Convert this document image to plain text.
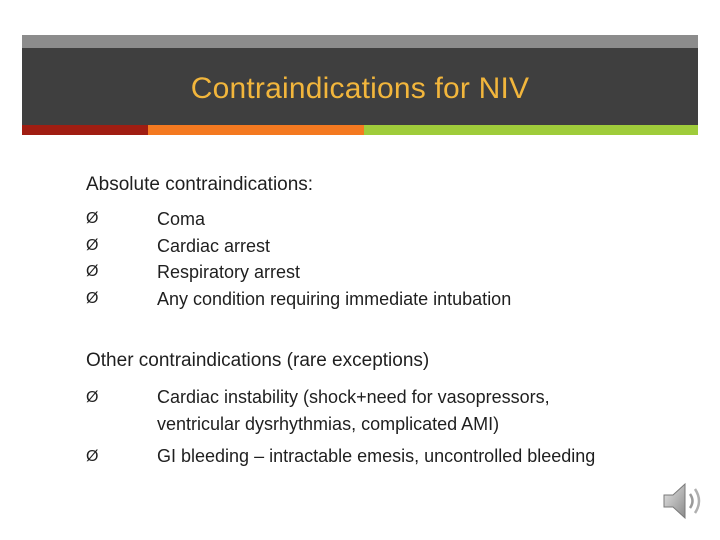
Contraindications for NIV

Absolute contraindications:

Ø	Coma
Ø	Cardiac arrest
Ø	Respiratory arrest
Ø	Any condition requiring immediate intubation

Other contraindications (rare exceptions)

Ø	Cardiac instability (shock+need for vasopressors, ventricular dysrhythmias, complicated AMI)
Ø	GI bleeding – intractable emesis, uncontrolled bleeding
